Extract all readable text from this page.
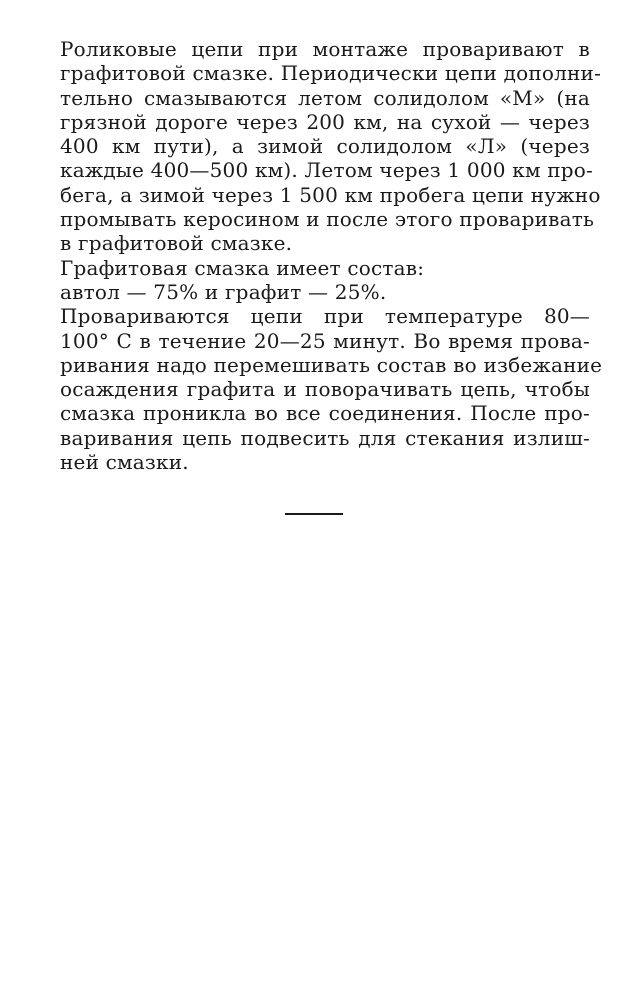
Роликовые цепи при монтаже проваривают в
графитовой смазке. Периодически цепи дополни-
тельно смазываются летом солидолом «М» (на
грязной дороге через 200 км, на сухой — через
400 км пути), а зимой солидолом «Л» (через
каждые 400—500 км). Летом через 1 000 км про-
бега, а зимой через 1 500 км пробега цепи нужно
промывать керосином и после этого проваривать
в графитовой смазке.
Графитовая смазка имеет состав:
автол — 75% и графит — 25%.
Провариваются цепи при температуре 80—
100° С в течение 20—25 минут. Во время прова-
ривания надо перемешивать состав во избежание
осаждения графита и поворачивать цепь, чтобы
смазка проникла во все соединения. После про-
варивания цепь подвесить для стекания излиш-
ней смазки.
